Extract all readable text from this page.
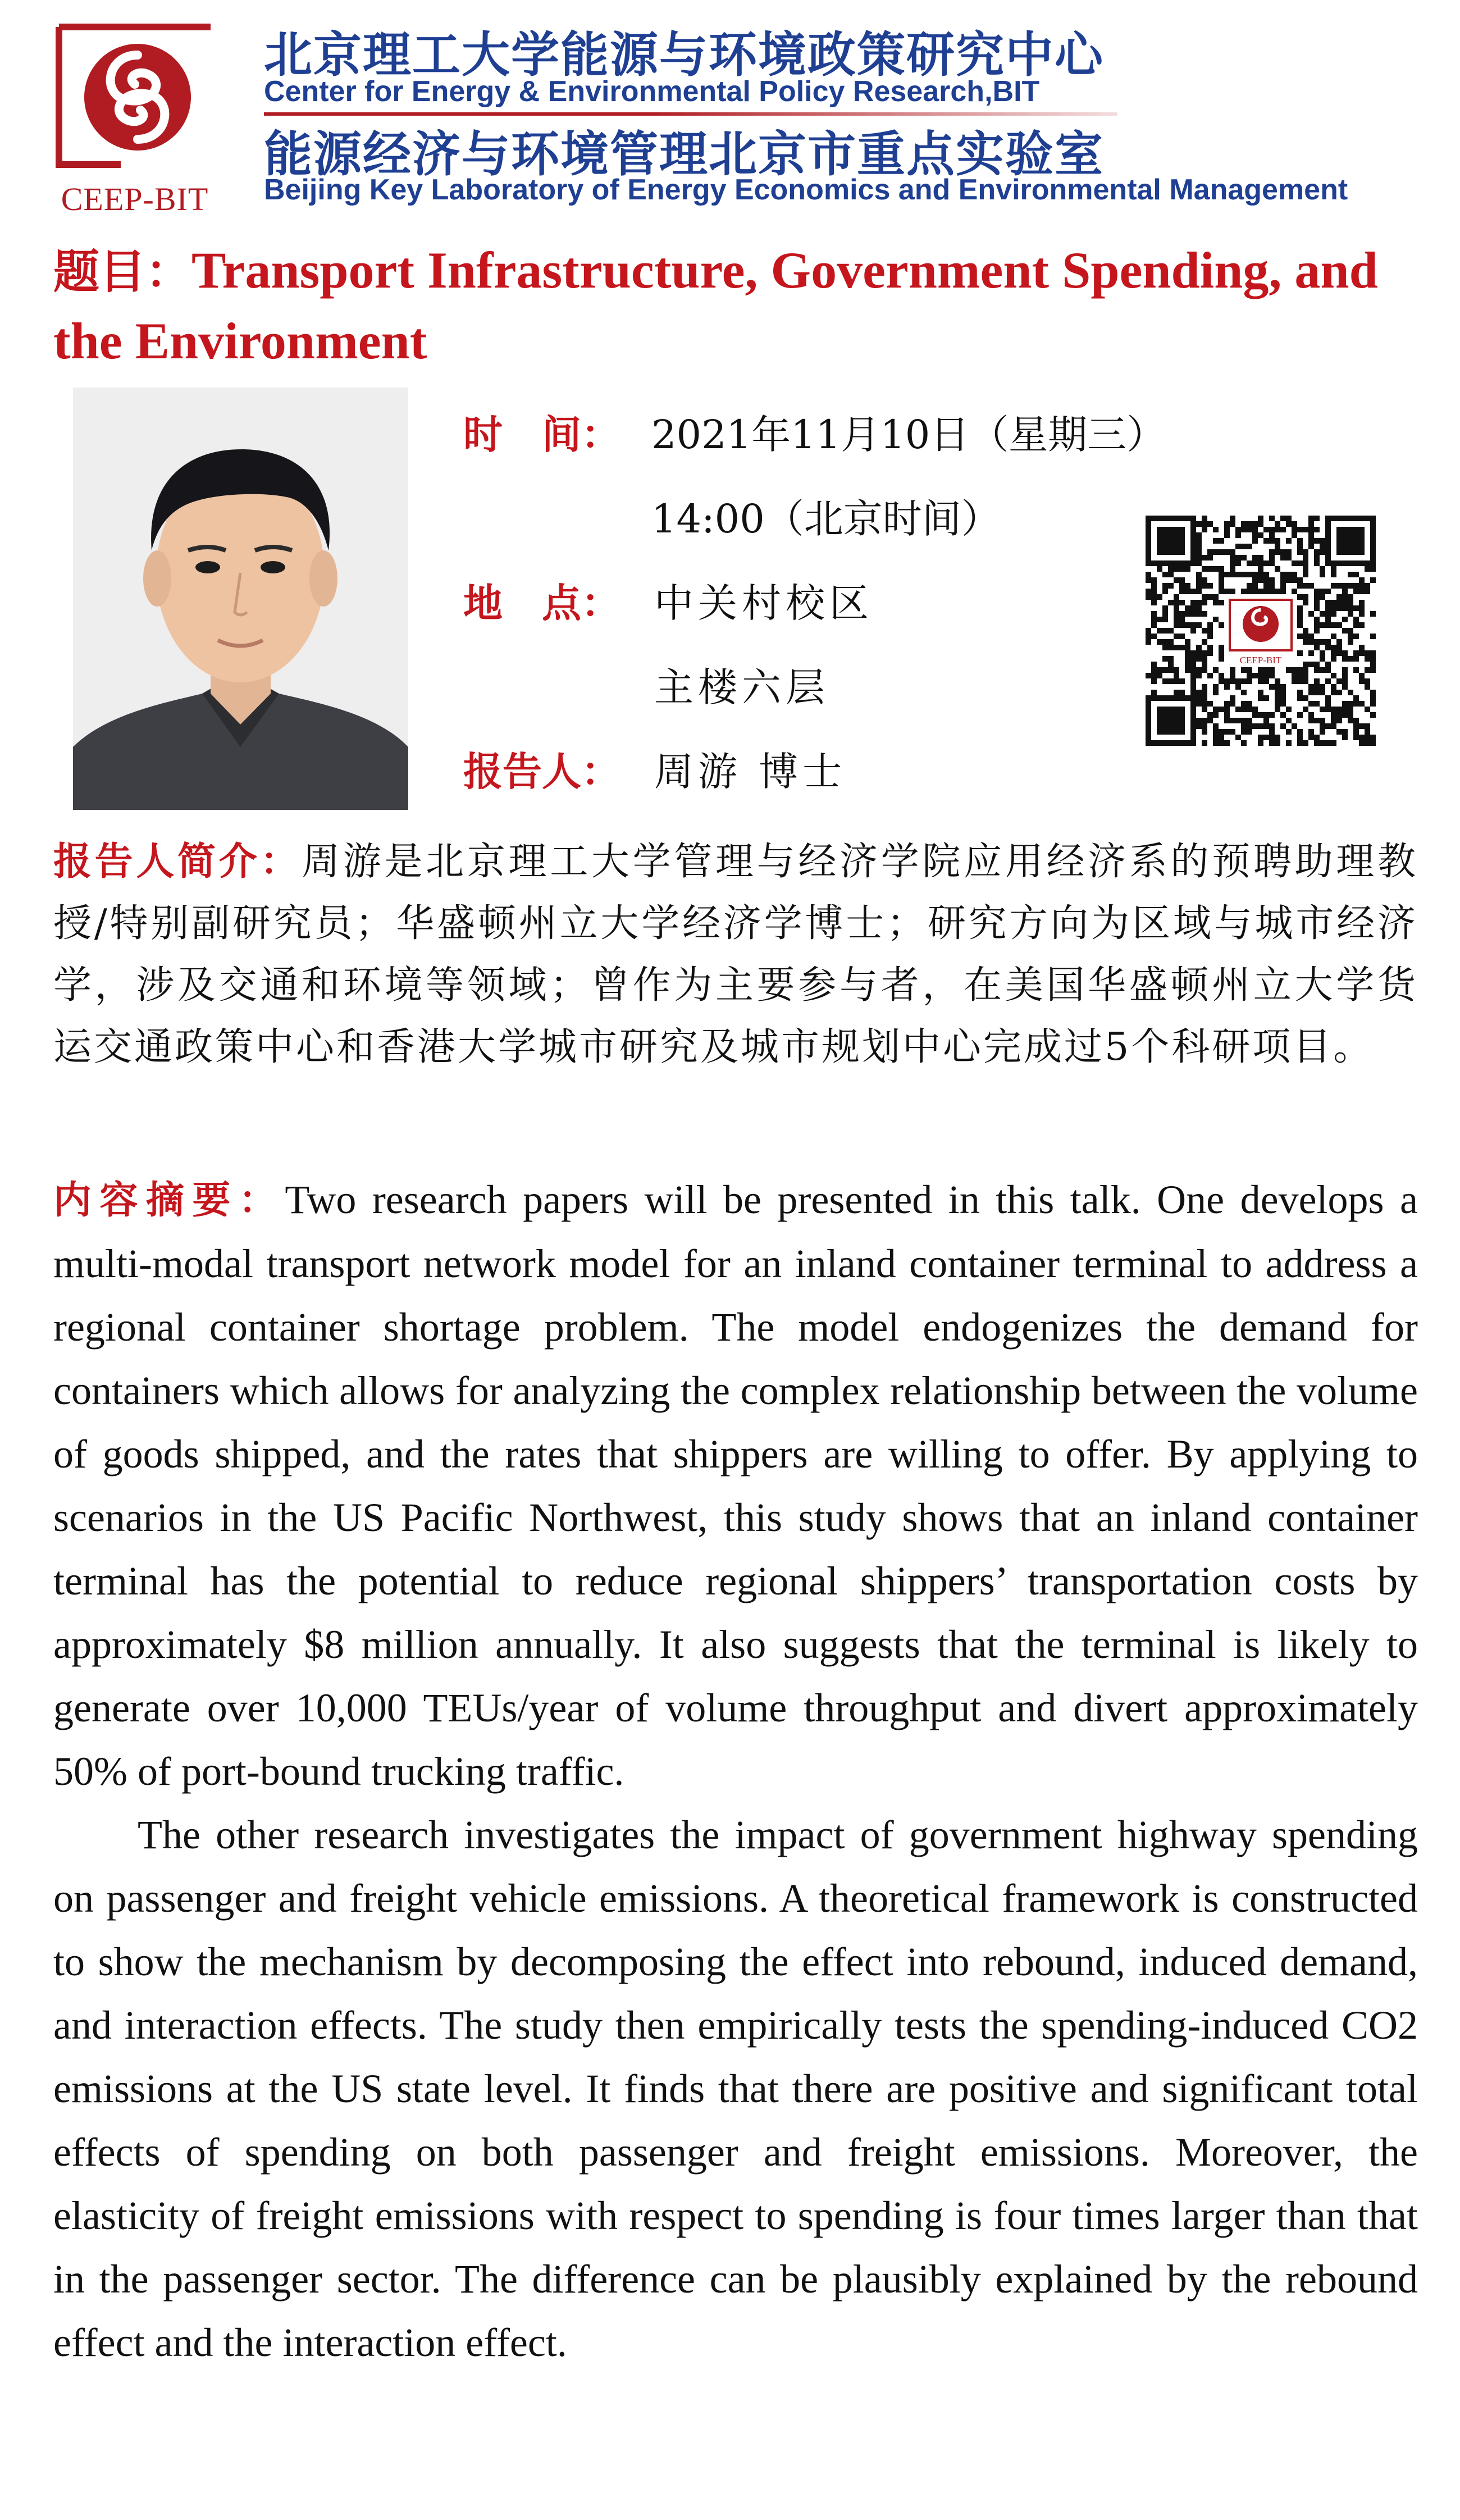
CEEP-BIT
北京理工大学能源与环境政策研究中心
Center for Energy & Environmental Policy Research,BIT
能源经济与环境管理北京市重点实验室
Beijing Key Laboratory of Energy Economics and Environmental Management
题目：Transport Infrastructure, Government Spending, and the Environment
时　间： 2021年11月10日（星期三）
14:00（北京时间）
地　点： 中关村校区
主楼六层
报告人： 周游 博士
CEEP-BIT
报告人简介：周游是北京理工大学管理与经济学院应用经济系的预聘助理教授/特别副研究员；华盛顿州立大学经济学博士；研究方向为区域与城市经济学，涉及交通和环境等领域；曾作为主要参与者，在美国华盛顿州立大学货运交通政策中心和香港大学城市研究及城市规划中心完成过5个科研项目。

内容摘要：Two research papers will be presented in this talk. One develops a multi-modal transport network model for an inland container terminal to address a regional container shortage problem. The model endogenizes the demand for containers which allows for analyzing the complex relationship between the volume of goods shipped, and the rates that shippers are willing to offer. By applying to scenarios in the US Pacific Northwest, this study shows that an inland container terminal has the potential to reduce regional shippers’ transportation costs by approximately $8 million annually. It also suggests that the terminal is likely to generate over 10,000 TEUs/year of volume throughput and divert approximately 50% of port-bound trucking traffic.

The other research investigates the impact of government highway spending on passenger and freight vehicle emissions. A theoretical framework is constructed to show the mechanism by decomposing the effect into rebound, induced demand, and interaction effects. The study then empirically tests the spending-induced CO2 emissions at the US state level. It finds that there are positive and significant total effects of spending on both passenger and freight emissions. Moreover, the elasticity of freight emissions with respect to spending is four times larger than that in the passenger sector. The difference can be plausibly explained by the rebound effect and the interaction effect.
